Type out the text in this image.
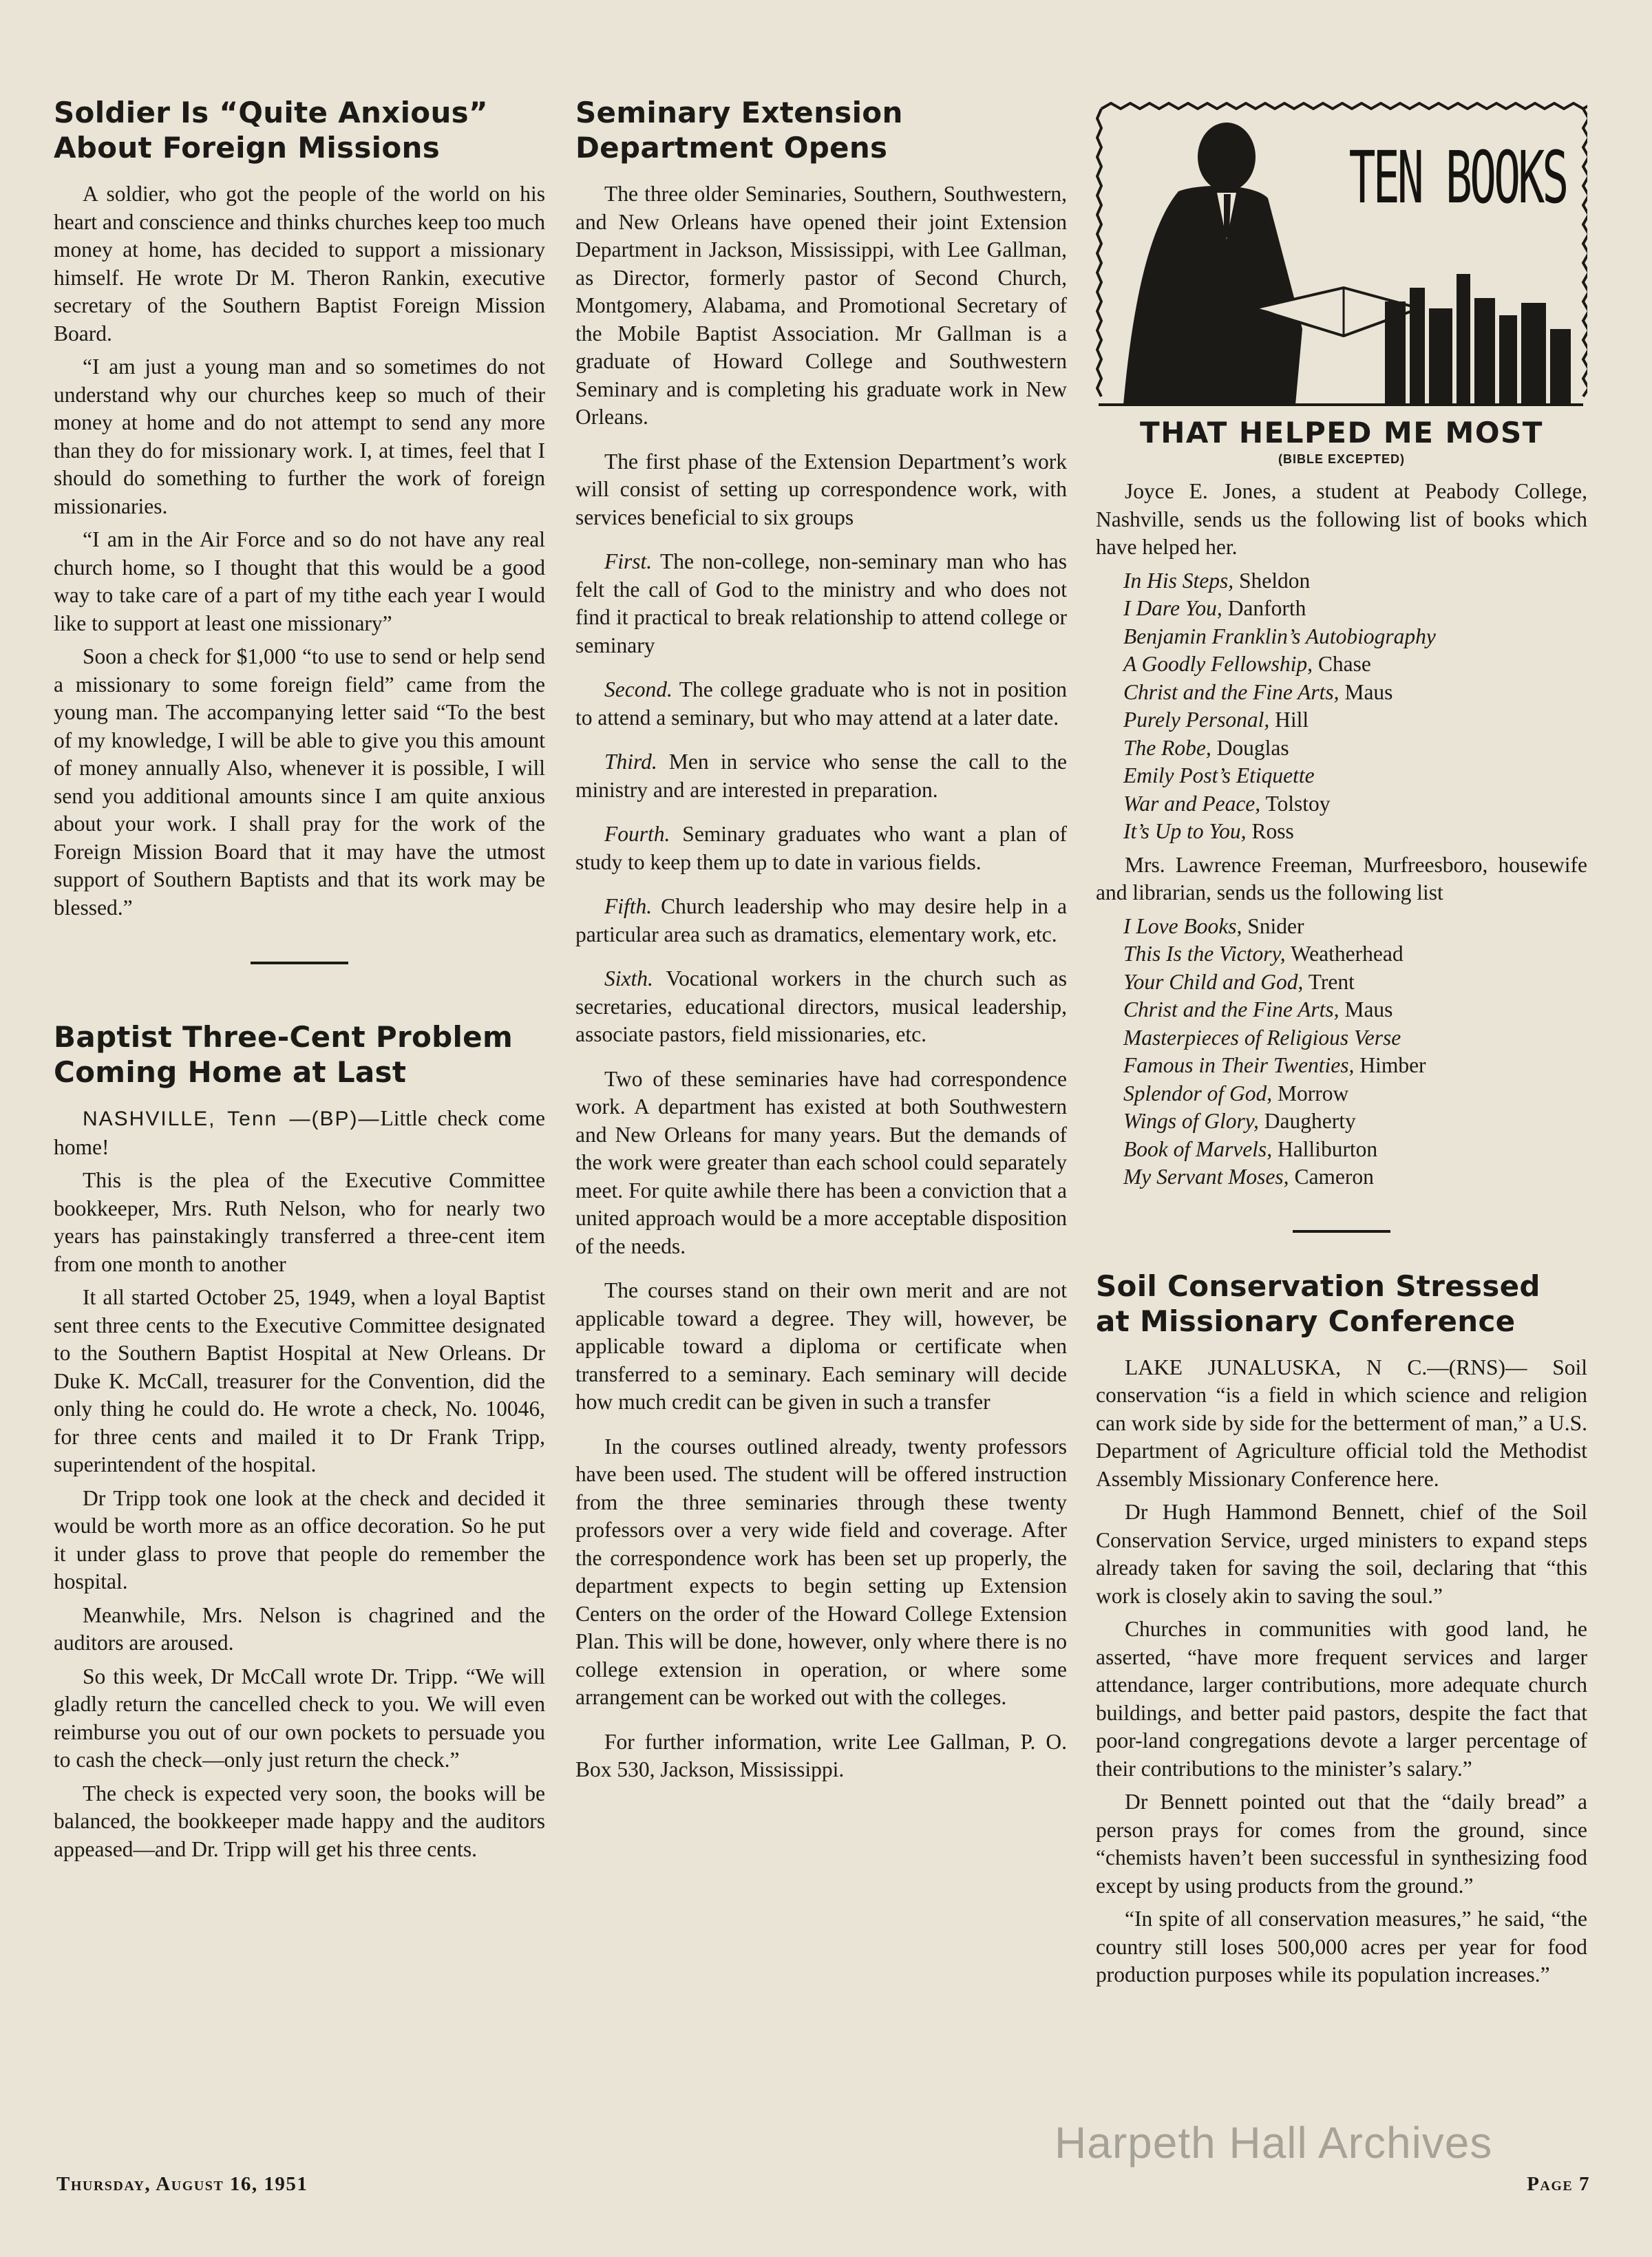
Soldier Is “Quite Anxious”
About Foreign Missions

A soldier, who got the people of the world on his heart and conscience and thinks churches keep too much money at home, has decided to support a missionary himself. He wrote Dr M. Theron Rankin, executive secretary of the Southern Baptist Foreign Mission Board.

“I am just a young man and so sometimes do not understand why our churches keep so much of their money at home and do not attempt to send any more than they do for missionary work. I, at times, feel that I should do something to further the work of foreign missionaries.

“I am in the Air Force and so do not have any real church home, so I thought that this would be a good way to take care of a part of my tithe each year I would like to support at least one missionary”

Soon a check for $1,000 “to use to send or help send a missionary to some foreign field” came from the young man. The accompanying letter said “To the best of my knowledge, I will be able to give you this amount of money annually Also, whenever it is possible, I will send you additional amounts since I am quite anxious about your work. I shall pray for the work of the Foreign Mission Board that it may have the utmost support of Southern Baptists and that its work may be blessed.”

Baptist Three-Cent Problem
Coming Home at Last

NASHVILLE, Tenn —(BP)—Little check come home!

This is the plea of the Executive Committee bookkeeper, Mrs. Ruth Nelson, who for nearly two years has painstakingly transferred a three-cent item from one month to another

It all started October 25, 1949, when a loyal Baptist sent three cents to the Executive Committee designated to the Southern Baptist Hospital at New Orleans. Dr Duke K. McCall, treasurer for the Convention, did the only thing he could do. He wrote a check, No. 10046, for three cents and mailed it to Dr Frank Tripp, superintendent of the hospital.

Dr Tripp took one look at the check and decided it would be worth more as an office decoration. So he put it under glass to prove that people do remember the hospital.

Meanwhile, Mrs. Nelson is chagrined and the auditors are aroused.

So this week, Dr McCall wrote Dr. Tripp. “We will gladly return the cancelled check to you. We will even reimburse you out of our own pockets to persuade you to cash the check—only just return the check.”

The check is expected very soon, the books will be balanced, the bookkeeper made happy and the auditors appeased—and Dr. Tripp will get his three cents.

Seminary Extension
Department Opens

The three older Seminaries, Southern, Southwestern, and New Orleans have opened their joint Extension Department in Jackson, Mississippi, with Lee Gallman, as Director, formerly pastor of Second Church, Montgomery, Alabama, and Promotional Secretary of the Mobile Baptist Association. Mr Gallman is a graduate of Howard College and Southwestern Seminary and is completing his graduate work in New Orleans.

The first phase of the Extension Department’s work will consist of setting up correspondence work, with services beneficial to six groups

First. The non-college, non-seminary man who has felt the call of God to the ministry and who does not find it practical to break relationship to attend college or seminary

Second. The college graduate who is not in position to attend a seminary, but who may attend at a later date.

Third. Men in service who sense the call to the ministry and are interested in preparation.

Fourth. Seminary graduates who want a plan of study to keep them up to date in various fields.

Fifth. Church leadership who may desire help in a particular area such as dramatics, elementary work, etc.

Sixth. Vocational workers in the church such as secretaries, educational directors, musical leadership, associate pastors, field missionaries, etc.

Two of these seminaries have had correspondence work. A department has existed at both Southwestern and New Orleans for many years. But the demands of the work were greater than each school could separately meet. For quite awhile there has been a conviction that a united approach would be a more acceptable disposition of the needs.

The courses stand on their own merit and are not applicable toward a degree. They will, however, be applicable toward a diploma or certificate when transferred to a seminary. Each seminary will decide how much credit can be given in such a transfer

In the courses outlined already, twenty professors have been used. The student will be offered instruction from the three seminaries through these twenty professors over a very wide field and coverage. After the correspondence work has been set up properly, the department expects to begin setting up Extension Centers on the order of the Howard College Extension Plan. This will be done, however, only where there is no college extension in operation, or where some arrangement can be worked out with the colleges.

For further information, write Lee Gallman, P. O. Box 530, Jackson, Mississippi.

TEN BOOKS
THAT HELPED ME MOST
(BIBLE EXCEPTED)

Joyce E. Jones, a student at Peabody College, Nashville, sends us the following list of books which have helped her.

In His Steps, Sheldon
I Dare You, Danforth
Benjamin Franklin’s Autobiography
A Goodly Fellowship, Chase
Christ and the Fine Arts, Maus
Purely Personal, Hill
The Robe, Douglas
Emily Post’s Etiquette
War and Peace, Tolstoy
It’s Up to You, Ross

Mrs. Lawrence Freeman, Murfreesboro, housewife and librarian, sends us the following list

I Love Books, Snider
This Is the Victory, Weatherhead
Your Child and God, Trent
Christ and the Fine Arts, Maus
Masterpieces of Religious Verse
Famous in Their Twenties, Himber
Splendor of God, Morrow
Wings of Glory, Daugherty
Book of Marvels, Halliburton
My Servant Moses, Cameron
Soil Conservation Stressed
at Missionary Conference

LAKE JUNALUSKA, N C.—(RNS)— Soil conservation “is a field in which science and religion can work side by side for the betterment of man,” a U.S. Department of Agriculture official told the Methodist Assembly Missionary Conference here.

Dr Hugh Hammond Bennett, chief of the Soil Conservation Service, urged ministers to expand steps already taken for saving the soil, declaring that “this work is closely akin to saving the soul.”

Churches in communities with good land, he asserted, “have more frequent services and larger attendance, larger contributions, more adequate church buildings, and better paid pastors, despite the fact that poor-land congregations devote a larger percentage of their contributions to the minister’s salary.”

Dr Bennett pointed out that the “daily bread” a person prays for comes from the ground, since “chemists haven’t been successful in synthesizing food except by using products from the ground.”

“In spite of all conservation measures,” he said, “the country still loses 500,000 acres per year for food production purposes while its population increases.”

Thursday, August 16, 1951	Page 7
Harpeth Hall Archives
